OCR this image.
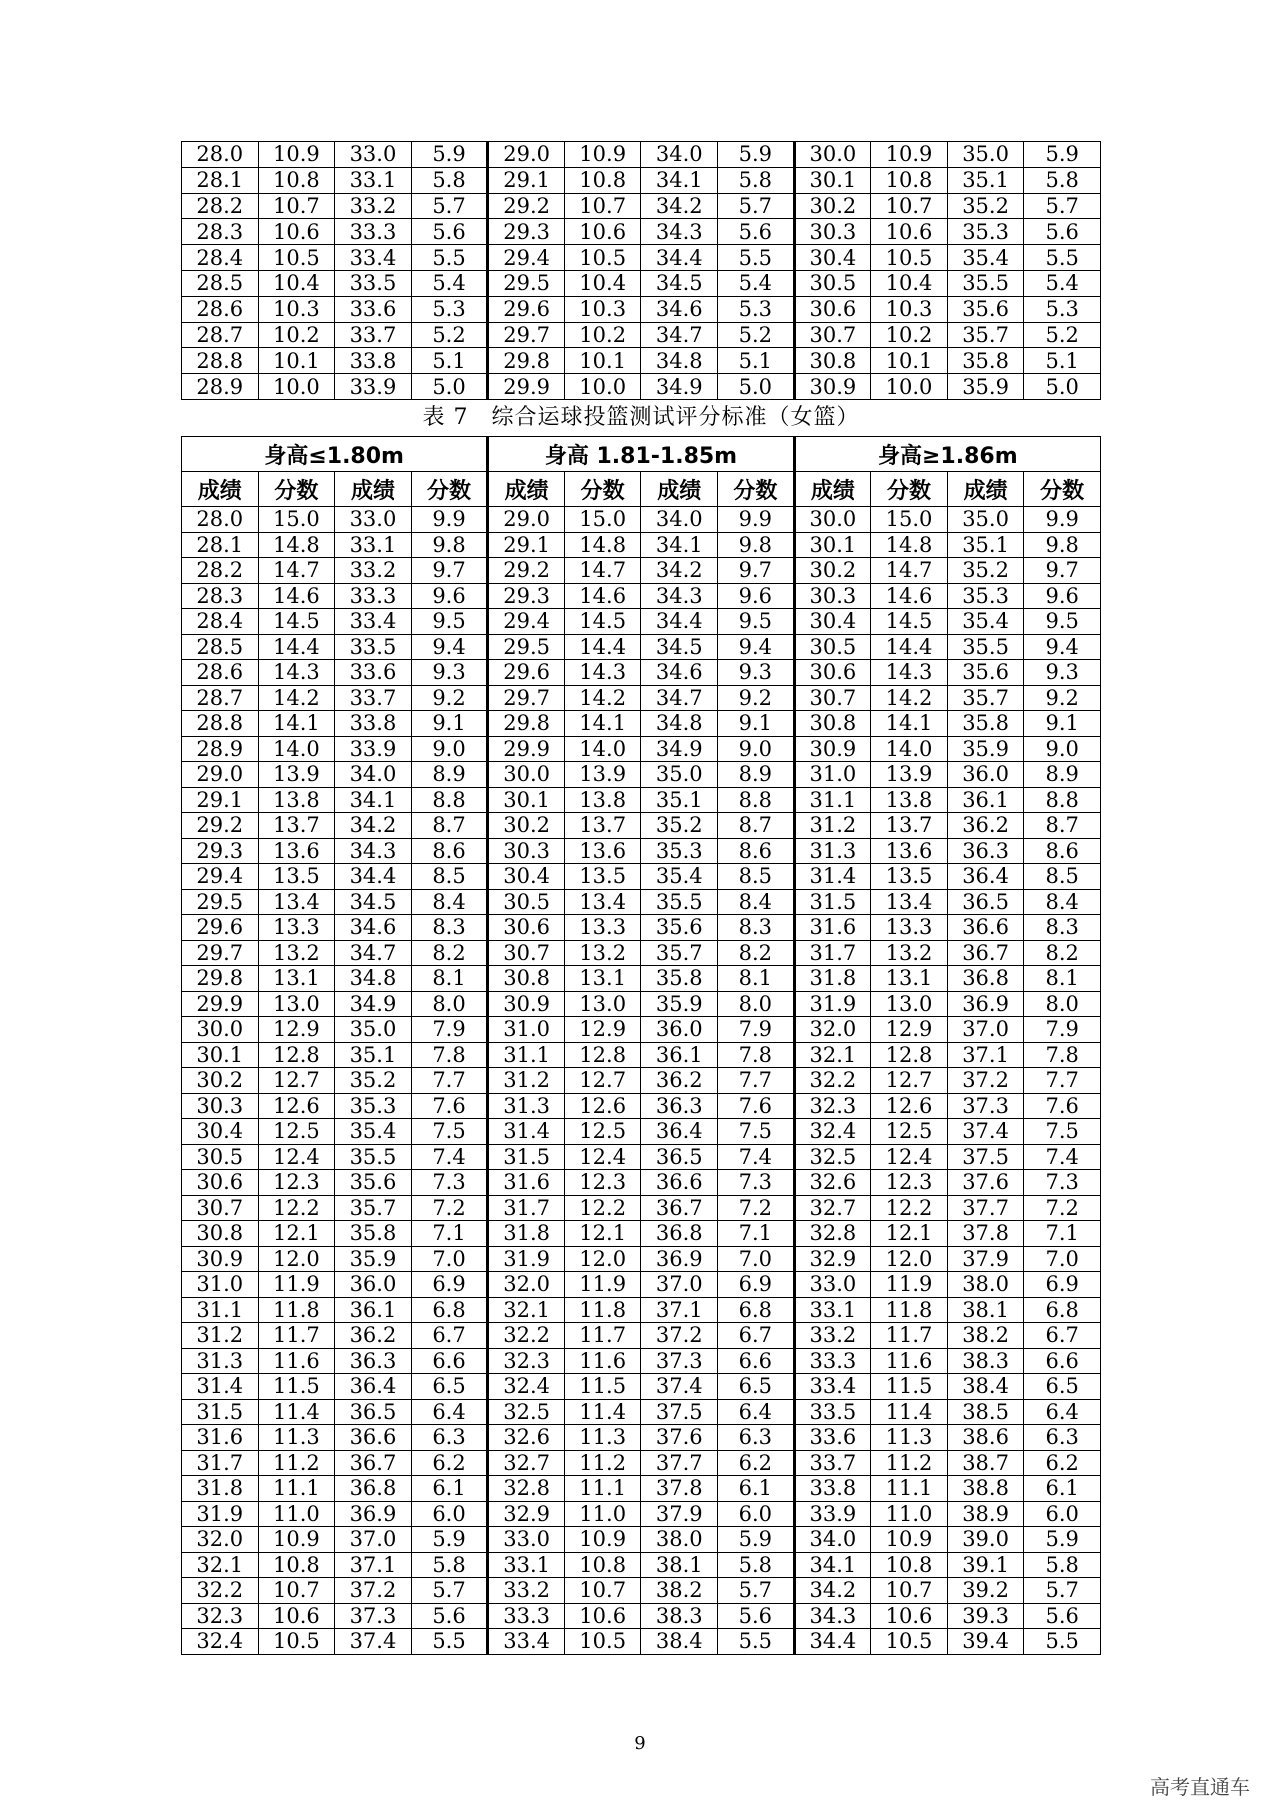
28.0	10.9	33.0	5.9	29.0	10.9	34.0	5.9	30.0	10.9	35.0	5.9
28.1	10.8	33.1	5.8	29.1	10.8	34.1	5.8	30.1	10.8	35.1	5.8
28.2	10.7	33.2	5.7	29.2	10.7	34.2	5.7	30.2	10.7	35.2	5.7
28.3	10.6	33.3	5.6	29.3	10.6	34.3	5.6	30.3	10.6	35.3	5.6
28.4	10.5	33.4	5.5	29.4	10.5	34.4	5.5	30.4	10.5	35.4	5.5
28.5	10.4	33.5	5.4	29.5	10.4	34.5	5.4	30.5	10.4	35.5	5.4
28.6	10.3	33.6	5.3	29.6	10.3	34.6	5.3	30.6	10.3	35.6	5.3
28.7	10.2	33.7	5.2	29.7	10.2	34.7	5.2	30.7	10.2	35.7	5.2
28.8	10.1	33.8	5.1	29.8	10.1	34.8	5.1	30.8	10.1	35.8	5.1
28.9	10.0	33.9	5.0	29.9	10.0	34.9	5.0	30.9	10.0	35.9	5.0
表 7　综合运球投篮测试评分标准（女篮）
身高≤1.80m				身高 1.81-1.85m				身高≥1.86m			
成绩	分数	成绩	分数	成绩	分数	成绩	分数	成绩	分数	成绩	分数
28.0	15.0	33.0	9.9	29.0	15.0	34.0	9.9	30.0	15.0	35.0	9.9
28.1	14.8	33.1	9.8	29.1	14.8	34.1	9.8	30.1	14.8	35.1	9.8
28.2	14.7	33.2	9.7	29.2	14.7	34.2	9.7	30.2	14.7	35.2	9.7
28.3	14.6	33.3	9.6	29.3	14.6	34.3	9.6	30.3	14.6	35.3	9.6
28.4	14.5	33.4	9.5	29.4	14.5	34.4	9.5	30.4	14.5	35.4	9.5
28.5	14.4	33.5	9.4	29.5	14.4	34.5	9.4	30.5	14.4	35.5	9.4
28.6	14.3	33.6	9.3	29.6	14.3	34.6	9.3	30.6	14.3	35.6	9.3
28.7	14.2	33.7	9.2	29.7	14.2	34.7	9.2	30.7	14.2	35.7	9.2
28.8	14.1	33.8	9.1	29.8	14.1	34.8	9.1	30.8	14.1	35.8	9.1
28.9	14.0	33.9	9.0	29.9	14.0	34.9	9.0	30.9	14.0	35.9	9.0
29.0	13.9	34.0	8.9	30.0	13.9	35.0	8.9	31.0	13.9	36.0	8.9
29.1	13.8	34.1	8.8	30.1	13.8	35.1	8.8	31.1	13.8	36.1	8.8
29.2	13.7	34.2	8.7	30.2	13.7	35.2	8.7	31.2	13.7	36.2	8.7
29.3	13.6	34.3	8.6	30.3	13.6	35.3	8.6	31.3	13.6	36.3	8.6
29.4	13.5	34.4	8.5	30.4	13.5	35.4	8.5	31.4	13.5	36.4	8.5
29.5	13.4	34.5	8.4	30.5	13.4	35.5	8.4	31.5	13.4	36.5	8.4
29.6	13.3	34.6	8.3	30.6	13.3	35.6	8.3	31.6	13.3	36.6	8.3
29.7	13.2	34.7	8.2	30.7	13.2	35.7	8.2	31.7	13.2	36.7	8.2
29.8	13.1	34.8	8.1	30.8	13.1	35.8	8.1	31.8	13.1	36.8	8.1
29.9	13.0	34.9	8.0	30.9	13.0	35.9	8.0	31.9	13.0	36.9	8.0
30.0	12.9	35.0	7.9	31.0	12.9	36.0	7.9	32.0	12.9	37.0	7.9
30.1	12.8	35.1	7.8	31.1	12.8	36.1	7.8	32.1	12.8	37.1	7.8
30.2	12.7	35.2	7.7	31.2	12.7	36.2	7.7	32.2	12.7	37.2	7.7
30.3	12.6	35.3	7.6	31.3	12.6	36.3	7.6	32.3	12.6	37.3	7.6
30.4	12.5	35.4	7.5	31.4	12.5	36.4	7.5	32.4	12.5	37.4	7.5
30.5	12.4	35.5	7.4	31.5	12.4	36.5	7.4	32.5	12.4	37.5	7.4
30.6	12.3	35.6	7.3	31.6	12.3	36.6	7.3	32.6	12.3	37.6	7.3
30.7	12.2	35.7	7.2	31.7	12.2	36.7	7.2	32.7	12.2	37.7	7.2
30.8	12.1	35.8	7.1	31.8	12.1	36.8	7.1	32.8	12.1	37.8	7.1
30.9	12.0	35.9	7.0	31.9	12.0	36.9	7.0	32.9	12.0	37.9	7.0
31.0	11.9	36.0	6.9	32.0	11.9	37.0	6.9	33.0	11.9	38.0	6.9
31.1	11.8	36.1	6.8	32.1	11.8	37.1	6.8	33.1	11.8	38.1	6.8
31.2	11.7	36.2	6.7	32.2	11.7	37.2	6.7	33.2	11.7	38.2	6.7
31.3	11.6	36.3	6.6	32.3	11.6	37.3	6.6	33.3	11.6	38.3	6.6
31.4	11.5	36.4	6.5	32.4	11.5	37.4	6.5	33.4	11.5	38.4	6.5
31.5	11.4	36.5	6.4	32.5	11.4	37.5	6.4	33.5	11.4	38.5	6.4
31.6	11.3	36.6	6.3	32.6	11.3	37.6	6.3	33.6	11.3	38.6	6.3
31.7	11.2	36.7	6.2	32.7	11.2	37.7	6.2	33.7	11.2	38.7	6.2
31.8	11.1	36.8	6.1	32.8	11.1	37.8	6.1	33.8	11.1	38.8	6.1
31.9	11.0	36.9	6.0	32.9	11.0	37.9	6.0	33.9	11.0	38.9	6.0
32.0	10.9	37.0	5.9	33.0	10.9	38.0	5.9	34.0	10.9	39.0	5.9
32.1	10.8	37.1	5.8	33.1	10.8	38.1	5.8	34.1	10.8	39.1	5.8
32.2	10.7	37.2	5.7	33.2	10.7	38.2	5.7	34.2	10.7	39.2	5.7
32.3	10.6	37.3	5.6	33.3	10.6	38.3	5.6	34.3	10.6	39.3	5.6
32.4	10.5	37.4	5.5	33.4	10.5	38.4	5.5	34.4	10.5	39.4	5.5
9
高考直通车
